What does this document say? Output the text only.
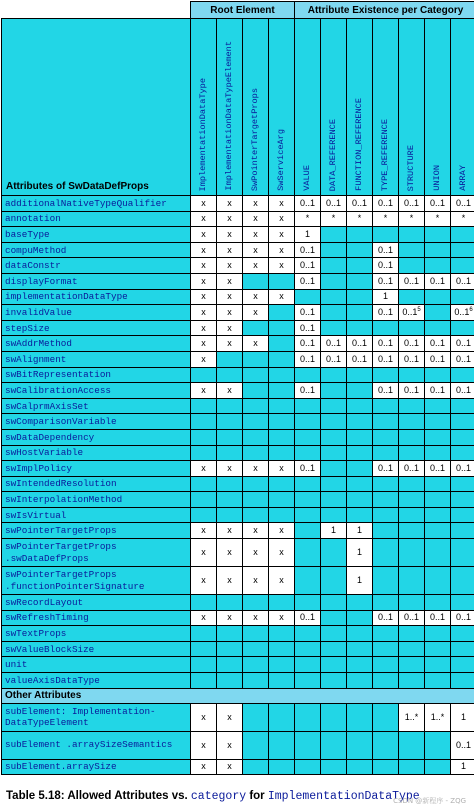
	Root Element				Attribute Existence per Category						
Attributes of SwDataDefProps	ImplementationDataType	ImplementationDataTypeElement	SwPointerTargetProps	SwServiceArg	VALUE	DATA_REFERENCE	FUNCTION_REFERENCE	TYPE_REFERENCE	STRUCTURE	UNION	ARRAY

additionalNativeTypeQualifier	x	x	x	x	0..1	0..1	0..1	0..1	0..1	0..1	0..1
annotation	x	x	x	x	*	*	*	*	*	*	*
baseType	x	x	x	x	1						
compuMethod	x	x	x	x	0..1			0..1			
dataConstr	x	x	x	x	0..1			0..1			
displayFormat	x	x			0..1			0..1	0..1	0..1	0..1
implementationDataType	x	x	x	x				1			
invalidValue	x	x	x		0..1			0..1	0..1$^5$		0..1$^6$
stepSize	x	x			0..1						
swAddrMethod	x	x	x		0..1	0..1	0..1	0..1	0..1	0..1	0..1
swAlignment	x				0..1	0..1	0..1	0..1	0..1	0..1	0..1
swBitRepresentation											
swCalibrationAccess	x	x			0..1			0..1	0..1	0..1	0..1
swCalprmAxisSet											
swComparisonVariable											
swDataDependency											
swHostVariable											
swImplPolicy	x	x	x	x	0..1			0..1	0..1	0..1	0..1
swIntendedResolution											
swInterpolationMethod											
swIsVirtual											
swPointerTargetProps	x	x	x	x		1	1				
swPointerTargetProps .swDataDefProps	x	x	x	x			1				
swPointerTargetProps .functionPointerSignature	x	x	x	x			1				
swRecordLayout											
swRefreshTiming	x	x	x	x	0..1			0..1	0..1	0..1	0..1
swTextProps											
swValueBlockSize											
unit											
valueAxisDataType											
Other Attributes											
subElement: Implementation-DataTypeElement	x	x							1..*	1..*	1
subElement .arraySizeSemantics	x	x									0..1
subElement.arraySize	x	x									1
Table 5.18: Allowed Attributes vs. category for ImplementationDataType
CSDN @新程序 - ZQG
